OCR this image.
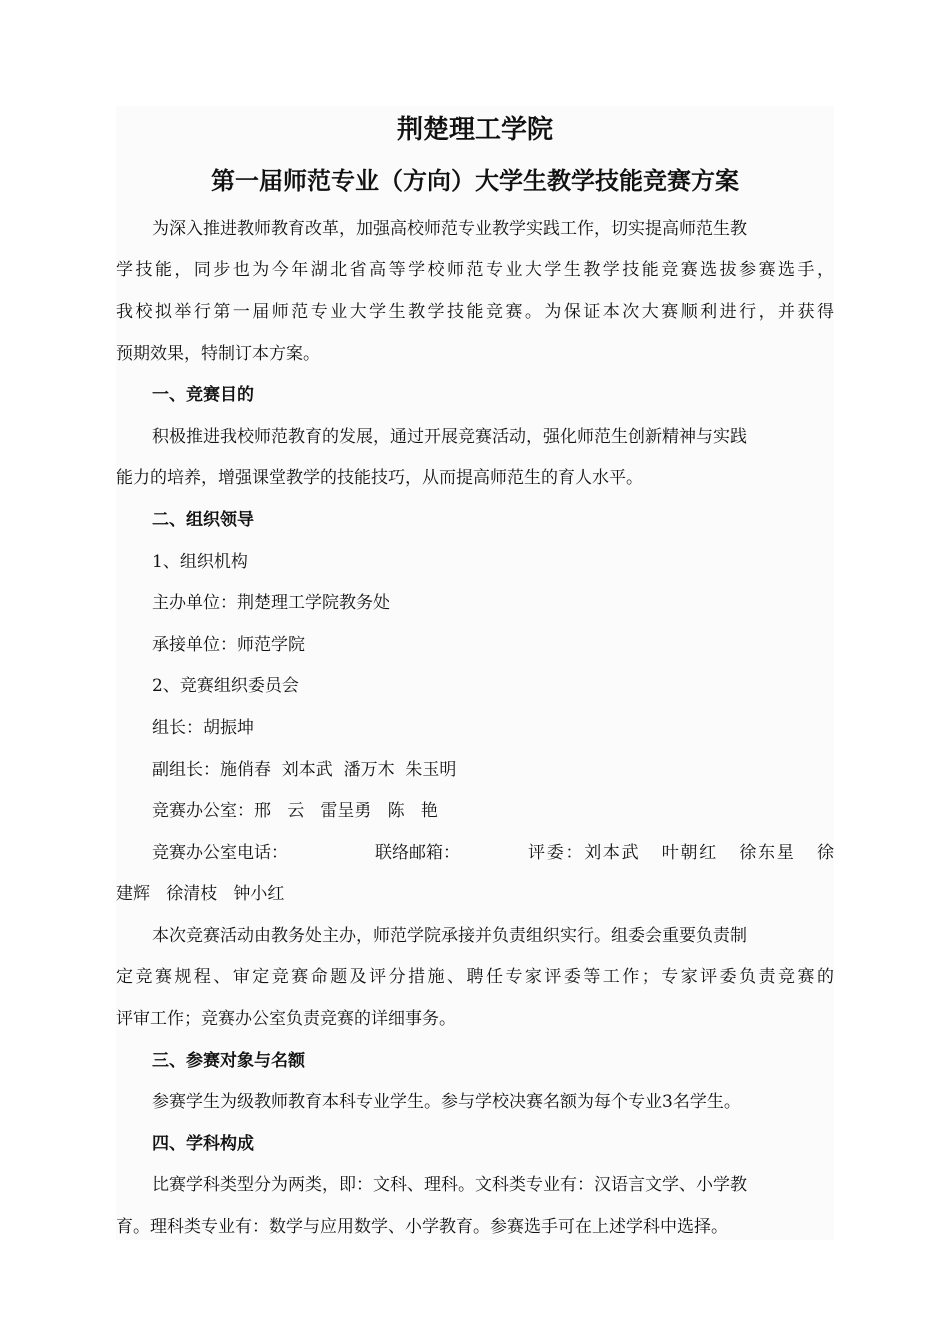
荆楚理工学院
第一届师范专业（方向）大学生教学技能竞赛方案
为深入推进教师教育改革，加强高校师范专业教学实践工作，切实提高师范生教
学技能，同步也为今年湖北省高等学校师范专业大学生教学技能竞赛选拔参赛选手，
我校拟举行第一届师范专业大学生教学技能竞赛。为保证本次大赛顺利进行，并获得
预期效果，特制订本方案。
一、竞赛目的
积极推进我校师范教育的发展，通过开展竞赛活动，强化师范生创新精神与实践
能力的培养，增强课堂教学的技能技巧，从而提高师范生的育人水平。
二、组织领导
1、组织机构
主办单位：荆楚理工学院教务处
承接单位：师范学院
2、竞赛组织委员会
组长：胡振坤
副组长：施俏春  刘本武  潘万木  朱玉明
竞赛办公室：邢   云   雷呈勇   陈   艳
竞赛办公室电话：	联络邮箱：	评委：刘本武   叶朝红   徐东星   徐
建辉   徐清枝   钟小红
本次竞赛活动由教务处主办，师范学院承接并负责组织实行。组委会重要负责制
定竞赛规程、审定竞赛命题及评分措施、聘任专家评委等工作；专家评委负责竞赛的
评审工作；竞赛办公室负责竞赛的详细事务。
三、参赛对象与名额
参赛学生为级教师教育本科专业学生。参与学校决赛名额为每个专业3名学生。
四、学科构成
比赛学科类型分为两类，即：文科、理科。文科类专业有：汉语言文学、小学教
育。理科类专业有：数学与应用数学、小学教育。参赛选手可在上述学科中选择。
